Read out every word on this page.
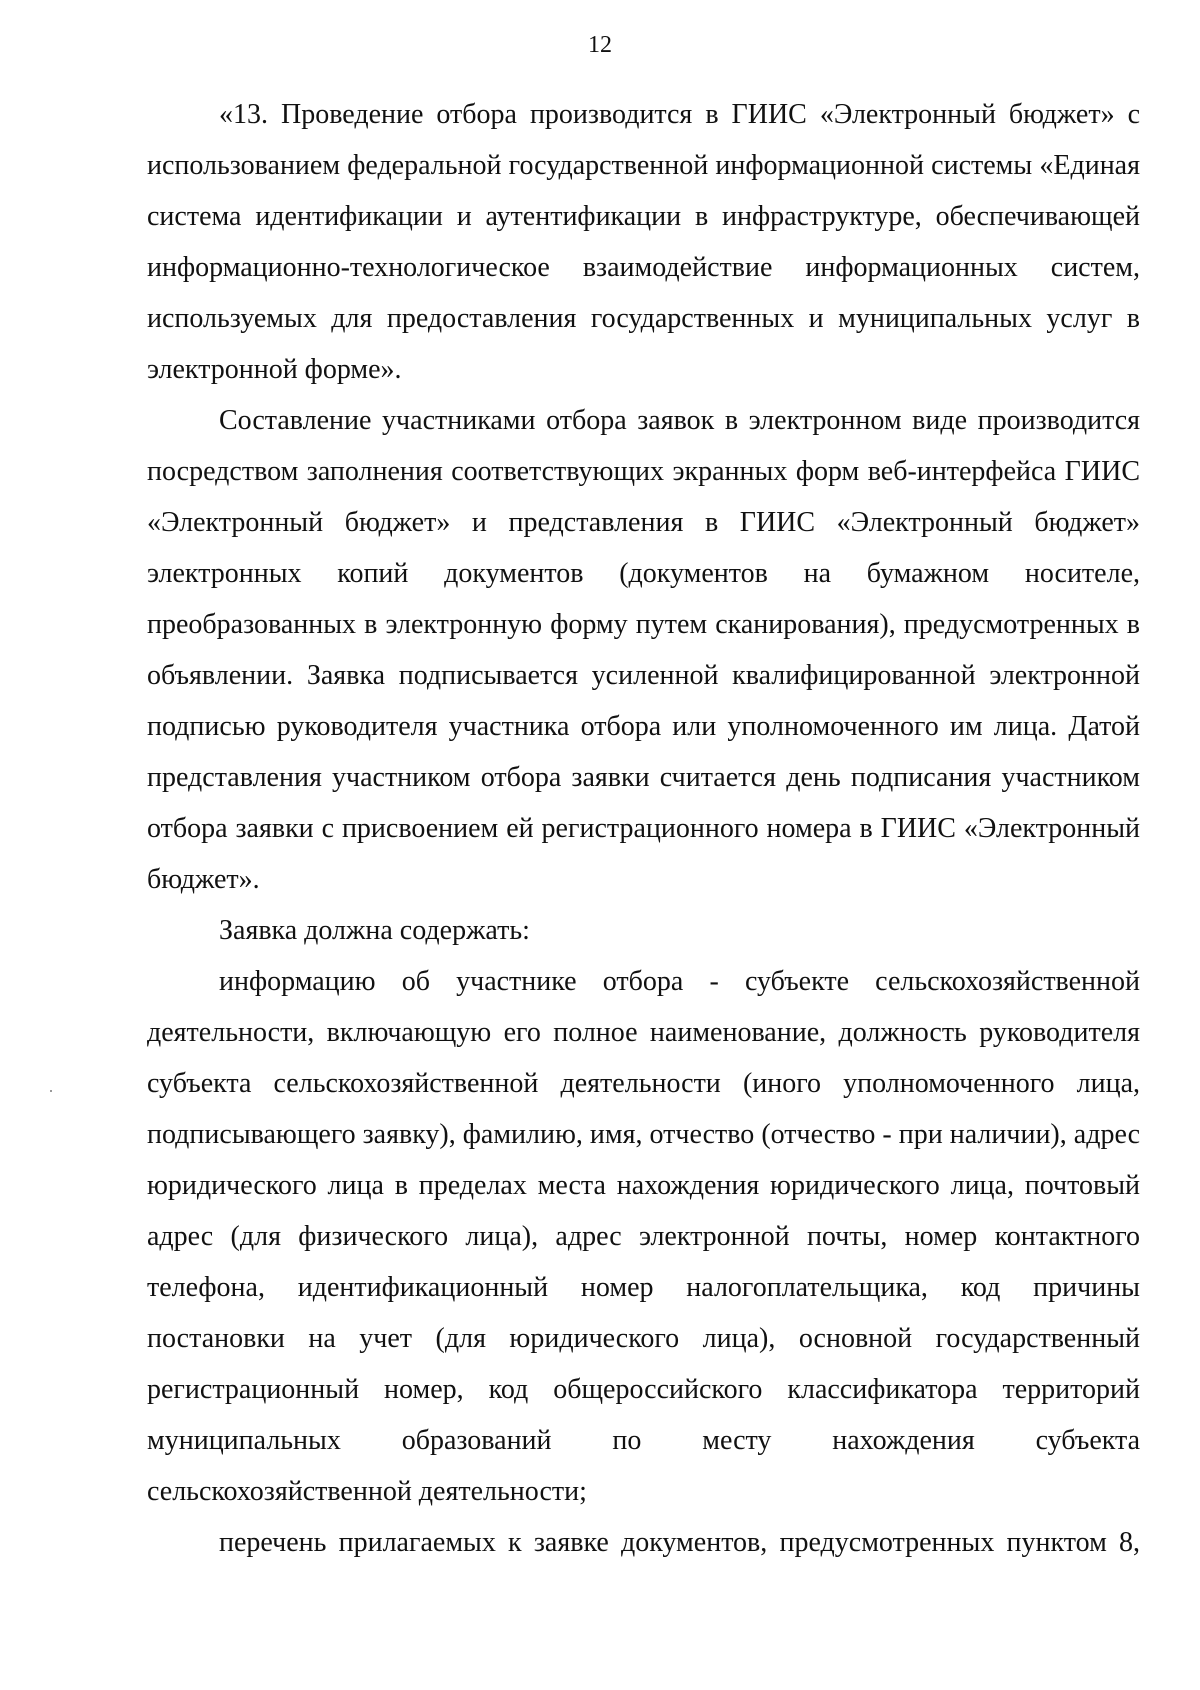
12

«13. Проведение отбора производится в ГИИС «Электронный бюджет» с использованием федеральной государственной информационной системы «Единая система идентификации и аутентификации в инфраструктуре, обеспечивающей информационно-технологическое взаимодействие информационных систем, используемых для предоставления государственных и муниципальных услуг в электронной форме».

Составление участниками отбора заявок в электронном виде производится посредством заполнения соответствующих экранных форм веб-интерфейса ГИИС «Электронный бюджет» и представления в ГИИС «Электронный бюджет» электронных копий документов (документов на бумажном носителе, преобразованных в электронную форму путем сканирования), предусмотренных в объявлении. Заявка подписывается усиленной квалифицированной электронной подписью руководителя участника отбора или уполномоченного им лица. Датой представления участником отбора заявки считается день подписания участником отбора заявки с присвоением ей регистрационного номера в ГИИС «Электронный бюджет».

Заявка должна содержать:

информацию об участнике отбора - субъекте сельскохозяйственной деятельности, включающую его полное наименование, должность руководителя субъекта сельскохозяйственной деятельности (иного уполномоченного лица, подписывающего заявку), фамилию, имя, отчество (отчество - при наличии), адрес юридического лица в пределах места нахождения юридического лица, почтовый адрес (для физического лица), адрес электронной почты, номер контактного телефона, идентификационный номер налогоплательщика, код причины постановки на учет (для юридического лица), основной государственный регистрационный номер, код общероссийского классификатора территорий муниципальных образований по месту нахождения субъекта сельскохозяйственной деятельности;

перечень прилагаемых к заявке документов, предусмотренных пунктом 8,
